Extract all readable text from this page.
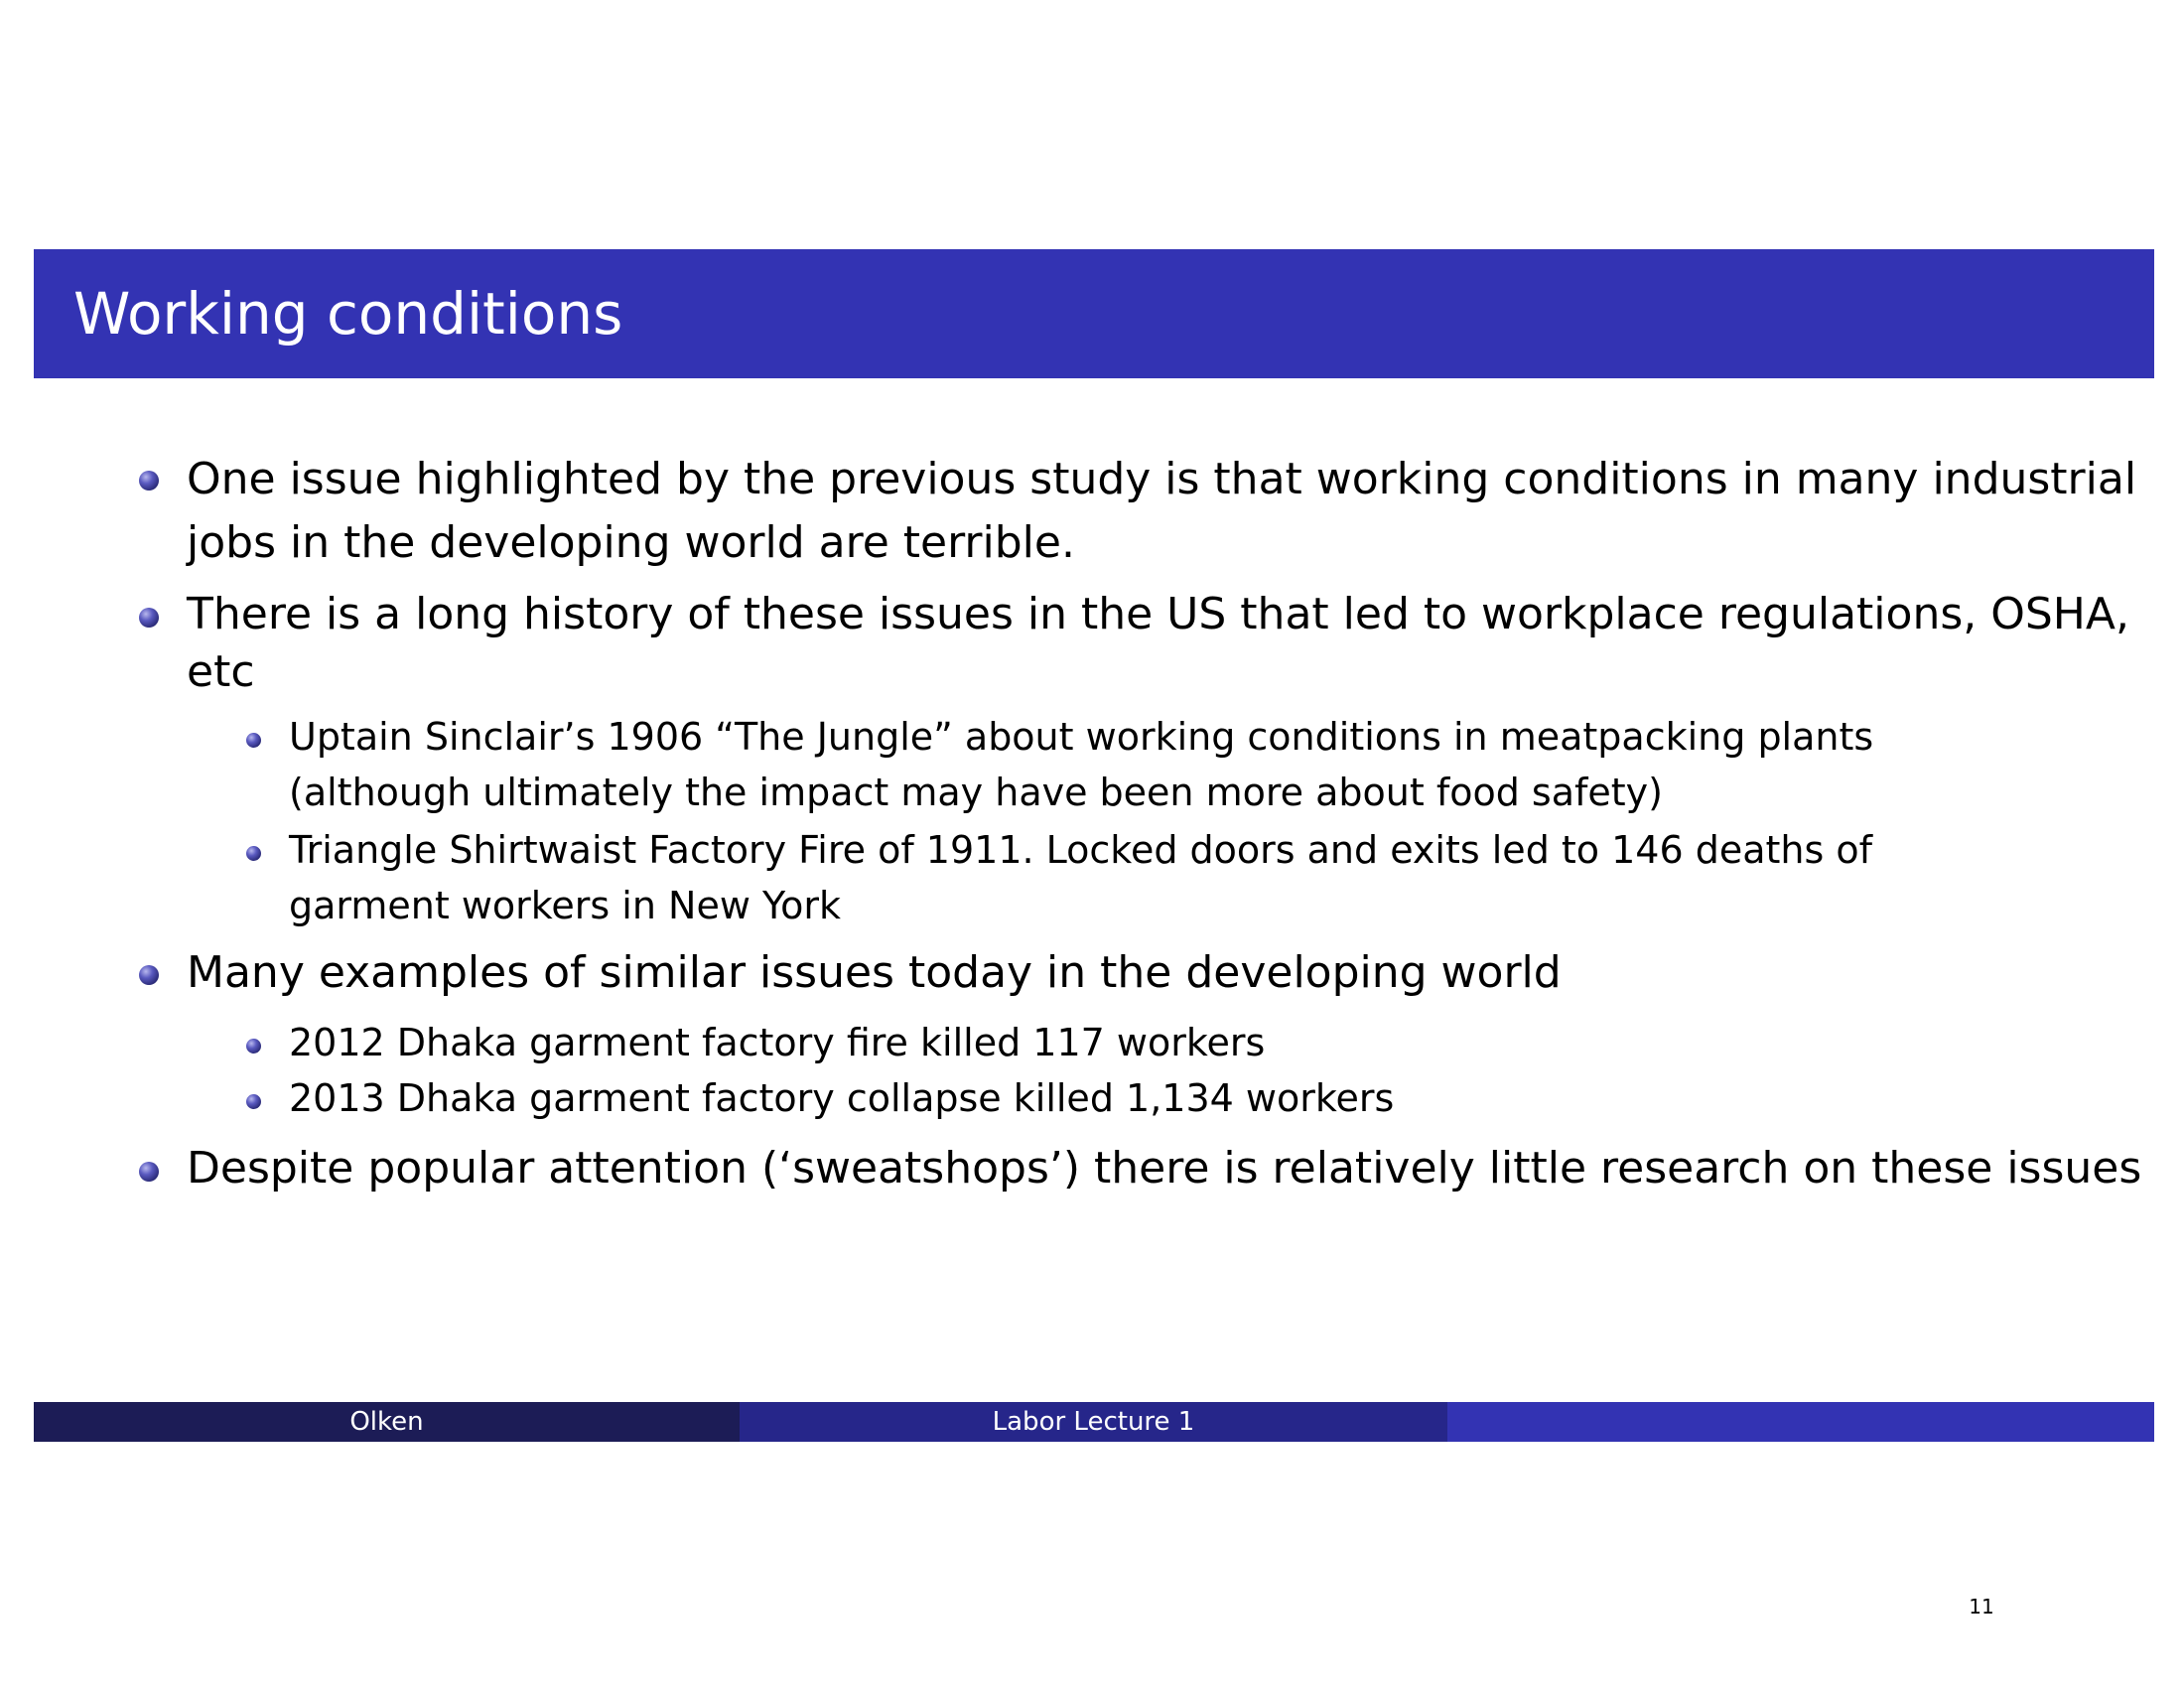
Working conditions
One issue highlighted by the previous study is that working conditions in many industrial
jobs in the developing world are terrible.
There is a long history of these issues in the US that led to workplace regulations, OSHA,
etc
Uptain Sinclair’s 1906 “The Jungle” about working conditions in meatpacking plants
(although ultimately the impact may have been more about food safety)
Triangle Shirtwaist Factory Fire of 1911. Locked doors and exits led to 146 deaths of
garment workers in New York
Many examples of similar issues today in the developing world
2012 Dhaka garment factory fire killed 117 workers
2013 Dhaka garment factory collapse killed 1,134 workers
Despite popular attention (‘sweatshops’) there is relatively little research on these issues
Olken	Labor Lecture 1
11
